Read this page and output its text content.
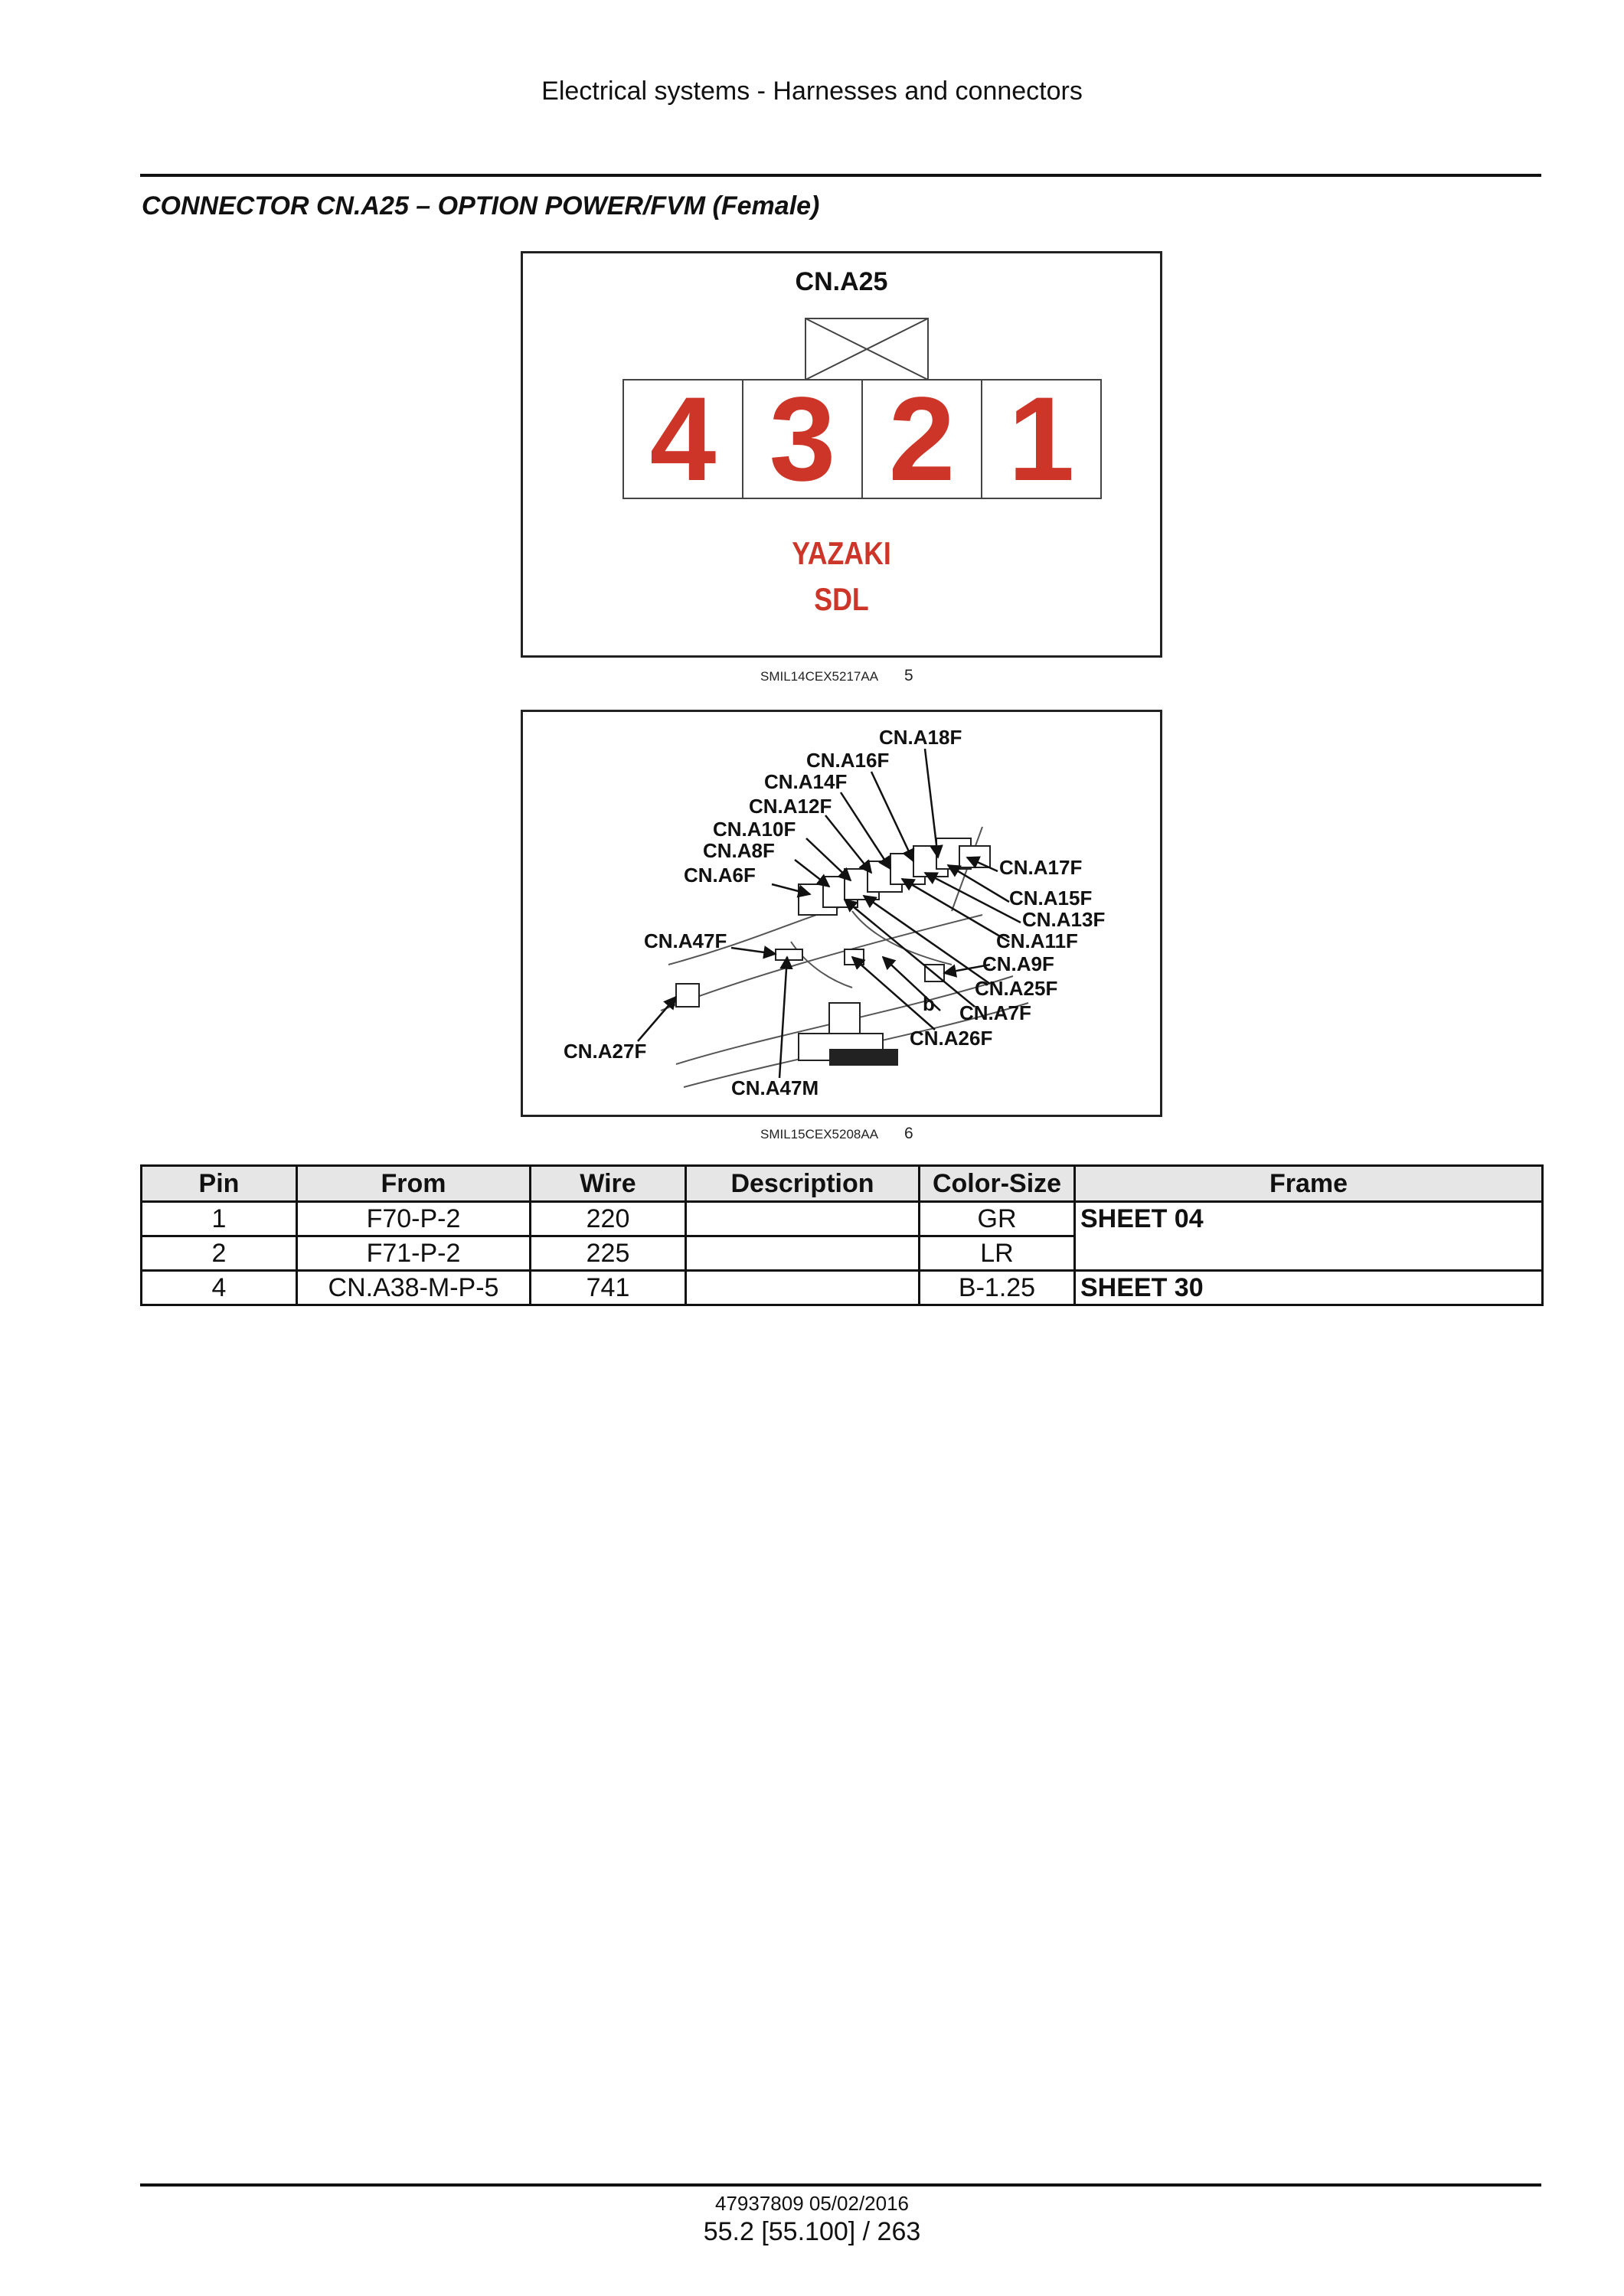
Electrical systems - Harnesses and connectors
CONNECTOR CN.A25 – OPTION POWER/FVM (Female)
CN.A25
4 3 2 1
YAZAKI
SDL
SMIL14CEX5217AA 5
CN.A18F
CN.A16F
CN.A14F
CN.A12F
CN.A10F
CN.A8F
CN.A6F
CN.A47F
CN.A27F
CN.A47M
CN.A17F
CN.A15F
CN.A13F
CN.A11F
CN.A9F
CN.A25F
CN.A7F
CN.A26F
b
SMIL15CEX5208AA 6
Pin	From	Wire	Description	Color-Size	Frame
1	F70-P-2	220		GR	SHEET 04
2	F71-P-2	225		LR	
4	CN.A38-M-P-5	741		B-1.25	SHEET 30
47937809 05/02/2016
55.2 [55.100] / 263
